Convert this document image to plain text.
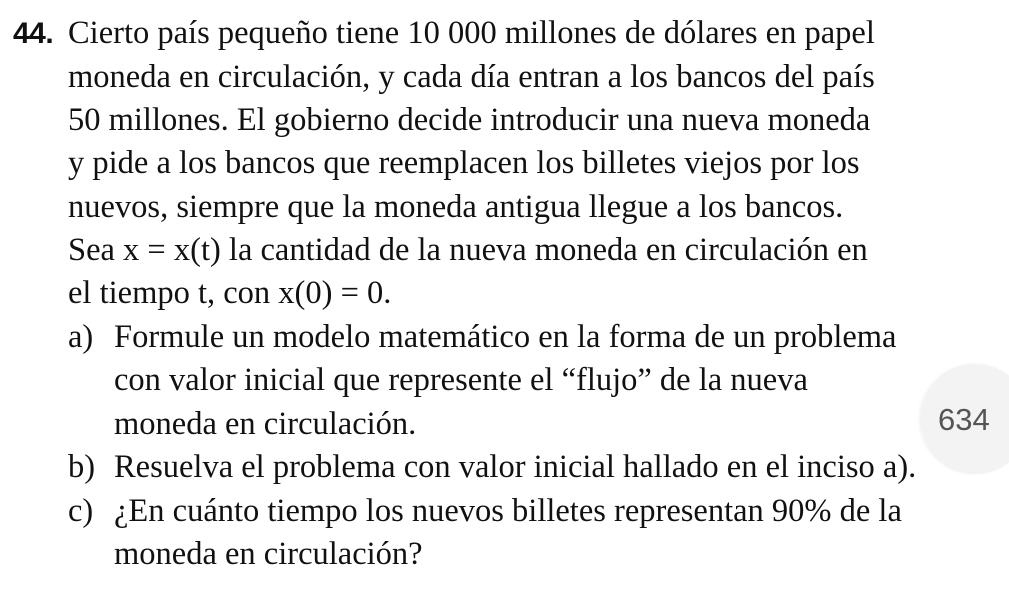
44. Cierto país pequeño tiene 10 000 millones de dólares en papel
moneda en circulación, y cada día entran a los bancos del país
50 millones. El gobierno decide introducir una nueva moneda
y pide a los bancos que reemplacen los billetes viejos por los
nuevos, siempre que la moneda antigua llegue a los bancos.
Sea x = x(t) la cantidad de la nueva moneda en circulación en
el tiempo t, con x(0) = 0.
a) Formule un modelo matemático en la forma de un problema
con valor inicial que represente el “flujo” de la nueva
moneda en circulación.
b) Resuelva el problema con valor inicial hallado en el inciso a).
c) ¿En cuánto tiempo los nuevos billetes representan 90% de la
moneda en circulación?
634
